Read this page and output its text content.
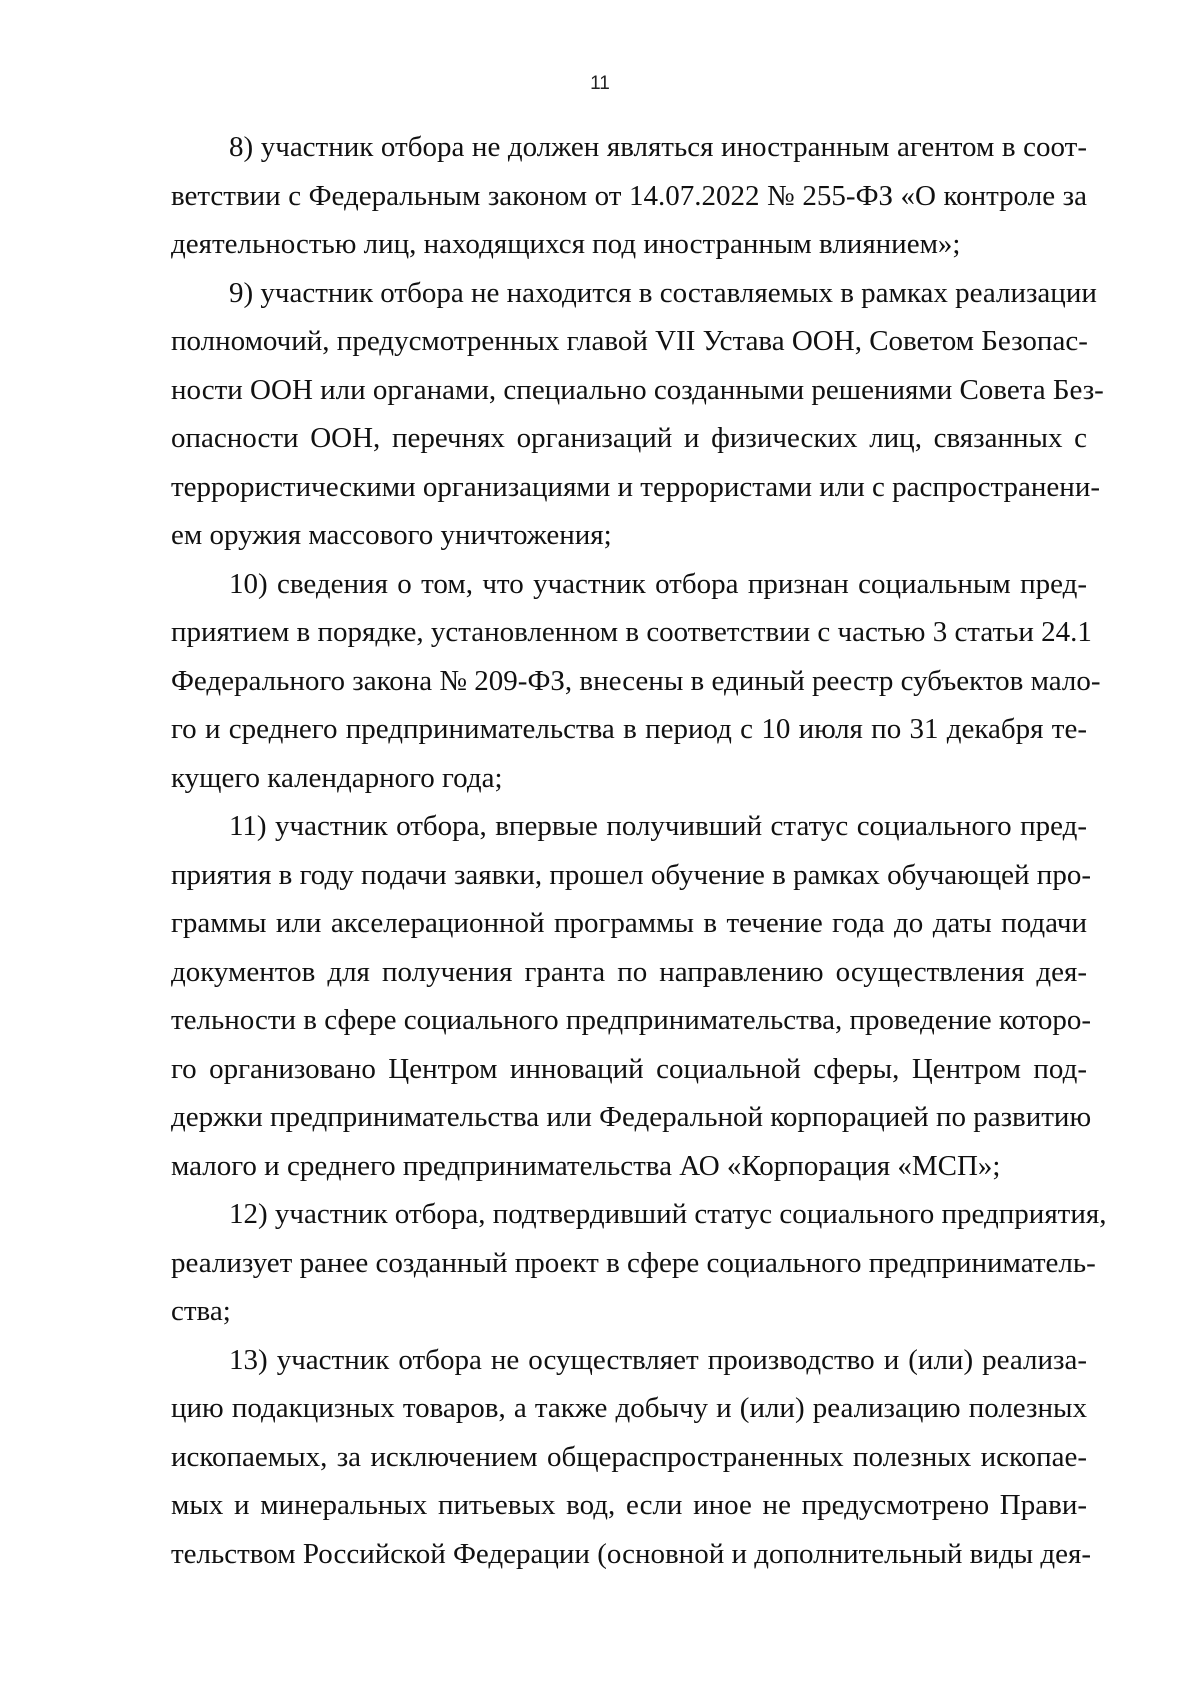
11
8) участник отбора не должен являться иностранным агентом в соот-
ветствии с Федеральным законом от 14.07.2022 № 255-ФЗ «О контроле за
деятельностью лиц, находящихся под иностранным влиянием»;
9) участник отбора не находится в составляемых в рамках реализации
полномочий, предусмотренных главой VII Устава ООН, Советом Безопас-
ности ООН или органами, специально созданными решениями Совета Без-
опасности ООН, перечнях организаций и физических лиц, связанных с
террористическими организациями и террористами или с распространени-
ем оружия массового уничтожения;
10) сведения о том, что участник отбора признан социальным пред-
приятием в порядке, установленном в соответствии с частью 3 статьи 24.1
Федерального закона № 209-ФЗ, внесены в единый реестр субъектов мало-
го и среднего предпринимательства в период с 10 июля по 31 декабря те-
кущего календарного года;
11) участник отбора, впервые получивший статус социального пред-
приятия в году подачи заявки, прошел обучение в рамках обучающей про-
граммы или акселерационной программы в течение года до даты подачи
документов для получения гранта по направлению осуществления дея-
тельности в сфере социального предпринимательства, проведение которо-
го организовано Центром инноваций социальной сферы, Центром под-
держки предпринимательства или Федеральной корпорацией по развитию
малого и среднего предпринимательства АО «Корпорация «МСП»;
12) участник отбора, подтвердивший статус социального предприятия,
реализует ранее созданный проект в сфере социального предприниматель-
ства;
13) участник отбора не осуществляет производство и (или) реализа-
цию подакцизных товаров, а также добычу и (или) реализацию полезных
ископаемых, за исключением общераспространенных полезных ископае-
мых и минеральных питьевых вод, если иное не предусмотрено Прави-
тельством Российской Федерации (основной и дополнительный виды дея-
